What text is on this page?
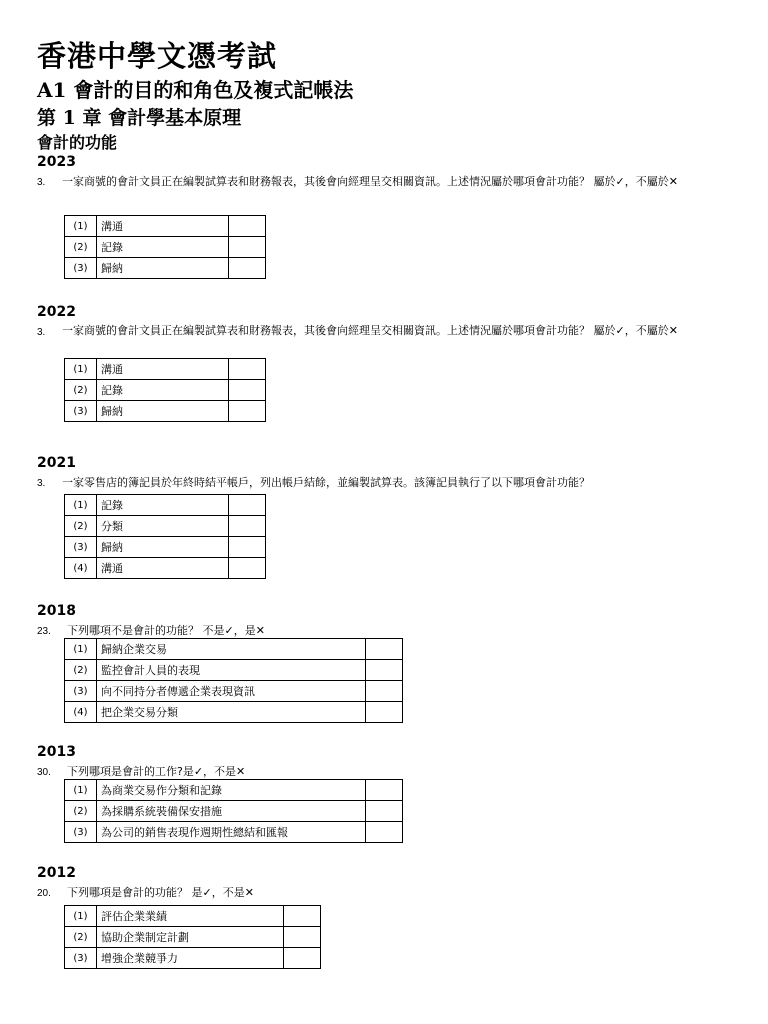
香港中學文憑考試
A1 會計的目的和角色及複式記帳法
第 1 章 會計學基本原理
會計的功能
2023
3. 一家商號的會計文員正在編製試算表和財務報表，其後會向經理呈交相關資訊。上述情況屬於哪項會計功能？ 屬於✓，不屬於✕
(1)	溝通	
(2)	記錄	
(3)	歸納	
2022
3. 一家商號的會計文員正在編製試算表和財務報表，其後會向經理呈交相關資訊。上述情況屬於哪項會計功能？ 屬於✓，不屬於✕
(1)	溝通	
(2)	記錄	
(3)	歸納	
2021
3. 一家零售店的簿記員於年終時結平帳戶，列出帳戶結餘，並編製試算表。該簿記員執行了以下哪項會計功能？
(1)	記錄	
(2)	分類	
(3)	歸納	
(4)	溝通	
2018
23. 下列哪項不是會計的功能？ 不是✓，是✕
(1)	歸納企業交易	
(2)	監控會計人員的表現	
(3)	向不同持分者傳遞企業表現資訊	
(4)	把企業交易分類	
2013
30. 下列哪項是會計的工作?是✓，不是✕
(1)	為商業交易作分類和記錄	
(2)	為採購系統裝備保安措施	
(3)	為公司的銷售表現作週期性總結和匯報	
2012
20. 下列哪項是會計的功能？ 是✓，不是✕
(1)	評估企業業績	
(2)	協助企業制定計劃	
(3)	增強企業競爭力	
